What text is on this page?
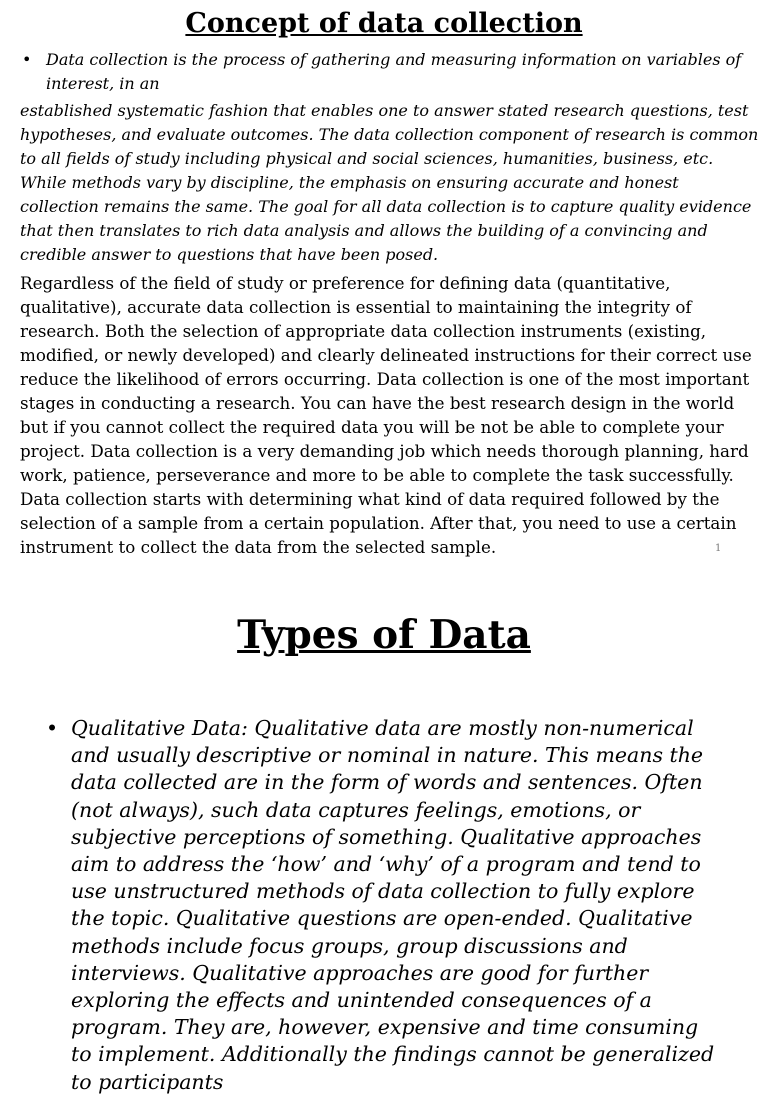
Concept of data collection
• Data collection is the process of gathering and measuring information on variables of interest, in an
established systematic fashion that enables one to answer stated research questions, test hypotheses, and evaluate outcomes. The data collection component of research is common to all fields of study including physical and social sciences, humanities, business, etc. While methods vary by discipline, the emphasis on ensuring accurate and honest collection remains the same. The goal for all data collection is to capture quality evidence that then translates to rich data analysis and allows the building of a convincing and credible answer to questions that have been posed.
Regardless of the field of study or preference for defining data (quantitative, qualitative), accurate data collection is essential to maintaining the integrity of research. Both the selection of appropriate data collection instruments (existing, modified, or newly developed) and clearly delineated instructions for their correct use reduce the likelihood of errors occurring. Data collection is one of the most important stages in conducting a research. You can have the best research design in the world but if you cannot collect the required data you will be not be able to complete your project. Data collection is a very demanding job which needs thorough planning, hard work, patience, perseverance and more to be able to complete the task successfully. Data collection starts with determining what kind of data required followed by the selection of a sample from a certain population. After that, you need to use a certain instrument to collect the data from the selected sample.	1
Types of Data
• Qualitative Data: Qualitative data are mostly non-numerical and usually descriptive or nominal in nature. This means the data collected are in the form of words and sentences. Often (not always), such data captures feelings, emotions, or subjective perceptions of something. Qualitative approaches aim to address the ‘how’ and ‘why’ of a program and tend to use unstructured methods of data collection to fully explore the topic. Qualitative questions are open-ended. Qualitative methods include focus groups, group discussions and interviews. Qualitative approaches are good for further exploring the effects and unintended consequences of a program. They are, however, expensive and time consuming to implement. Additionally the findings cannot be generalized to participants
